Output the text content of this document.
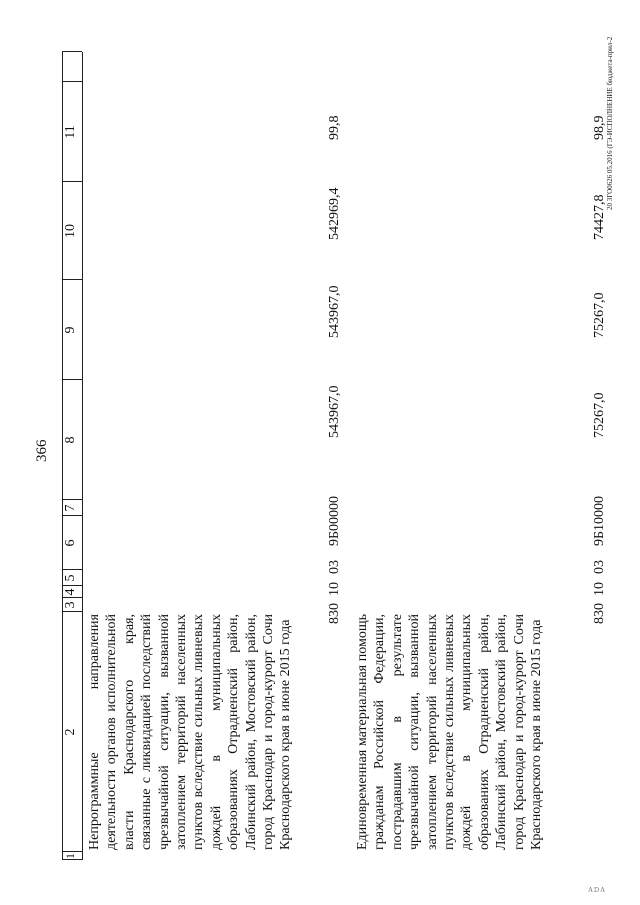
366
1
2
3
4
5
6
7
8
9
10
11
Непрограммные направления деятельности органов исполнительной власти Краснодарского края, связанные с ликвидацией последствий чрезвычайной ситуации, вызванной затоплением территорий населенных пунктов вследствие сильных ливневых дождей в муниципальных образованиях Отрадненский район, Лабинский район, Мостовский район, город Краснодар и город-курорт Сочи Краснодарского края в июне 2015 года
830
10
03
9Б00000
543967,0
543967,0
542969,4
99,8
Единовременная материальная помощь гражданам Российской Федерации, пострадавшим в результате чрезвычайной ситуации, вызванной затоплением территорий населенных пунктов вследствие сильных ливневых дождей в муниципальных образованиях Отрадненский район, Лабинский район, Мостовский район, город Краснодар и город-курорт Сочи Краснодарского края в июне 2015 года
830
10
03
9Б10000
75267,0
75267,0
74427,8
98,9 20 ЗГО0626 05.2016 (ГЭ-ИСПОЛНЕНИЕ бюджета-прил-2
ADA
